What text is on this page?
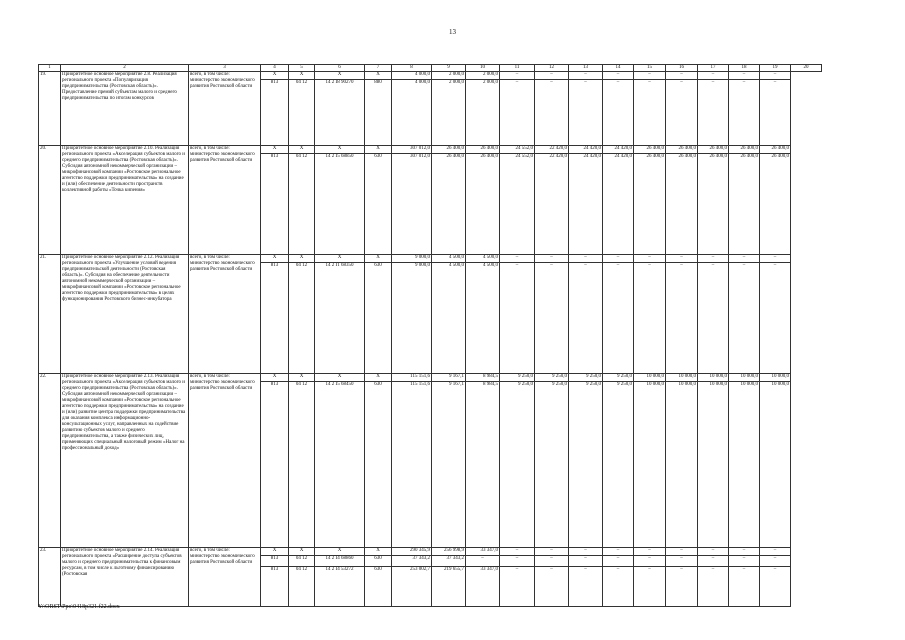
13
1	2	3	4	5	6	7	8	9	10	11	12	13	14	15	16	17	18	19	20
19.	Приоритетное основное мероприятие 2.8. Реализация регионального проекта «Популяризация предпринимательства (Ростовская область)». Предоставление премий субъектам малого и среднего предпринимательства по итогам конкурсов	всего, в том числе: министерство экономического развития Ростовской области	X	X	X	X	4 000,0	2 000,0	2 000,0	–	–	–	–	–	–	–	–	–	
			813	04 12	14 2 I8 90270	880	4 000,0	2 000,0	2 000,0	–	–	–	–	–	–	–	–	–	
20.	Приоритетное основное мероприятие 2.10. Реализация регионального проекта «Акселерация субъектов малого и среднего предпринимательства (Ростовская область)». Субсидия автономной некоммерческой организации – микрофинансовой компании «Ростовское региональное агентство поддержки предпринимательства» на создание и (или) обеспечение деятельности пространств коллективной работы «Точка кипения»	всего, в том числе: министерство экономического развития Ростовской области	X	X	X	X	307 012,0	26 400,0	26 400,0	24 552,0	22 420,0	24 420,0	24 420,0	26 400,0	26 400,0	26 400,0	26 400,0	26 400,0	
			813	04 12	14 2 I5 68850	630	307 012,0	26 400,0	26 400,0	24 552,0	22 420,0	24 420,0	24 420,0	26 400,0	26 400,0	26 400,0	26 400,0	26 400,0	
21.	Приоритетное основное мероприятие 2.12. Реализация регионального проекта «Улучшение условий ведения предпринимательской деятельности (Ростовская область)». Субсидия на обеспечение деятельности автономной некоммерческой организации – микрофинансовой компании «Ростовское региональное агентство поддержки предпринимательства» в целях функционирования Ростовского бизнес-инкубатора	всего, в том числе: министерство экономического развития Ростовской области	X	X	X	X	9 000,0	4 500,0	4 500,0	–	–	–	–	–	–	–	–	–	
			813	04 12	14 2 I1 68350	630	9 000,0	4 500,0	4 500,0	–	–	–	–	–	–	–	–	–	
22.	Приоритетное основное мероприятие 2.13. Реализация регионального проекта «Акселерация субъектов малого и среднего предпринимательства (Ростовская область)». Субсидия автономной некоммерческой организации – микрофинансовой компании «Ростовское региональное агентство поддержки предпринимательства» на создание и (или) развитие центра поддержки предпринимательства для оказания комплекса информационно-консультационных услуг, направленных на содействие развитию субъектов малого и среднего предпринимательства, а также физических лиц, применяющих специальный налоговый режим «Налог на профессиональный доход»	всего, в том числе: министерство экономического развития Ростовской области	X	X	X	X	115 151,6	9 167,1	8 984,5	9 250,0	9 250,0	9 250,0	9 250,0	10 000,0	10 000,0	10 000,0	10 000,0	10 000,0	
			813	04 12	14 2 I5 68450	630	115 151,6	9 167,1	8 984,5	9 250,0	9 250,0	9 250,0	9 250,0	10 000,0	10 000,0	10 000,0	10 000,0	10 000,0	
23.	Приоритетное основное мероприятие 2.14. Реализация регионального проекта «Расширение доступа субъектов малого и среднего предпринимательства к финансовым ресурсам, в том числе к льготному финансированию (Ростовская	всего, в том числе: министерство экономического развития Ростовской области	X	X	X	X	290 345,9	256 998,9	33 347,0	–	–	–	–	–	–	–	–	–	
			813	04 12	14 2 I4 68860	630	37 343,2	37 343,2	–	–	–	–	–	–	–	–	–	–	
			813	04 12	14 2 I4 53272	630	253 002,7	219 655,7	33 347,0	–	–	–	–	–	–	–	–	–	
Y:\ORST\Ppo\0418p321.f22.docx
